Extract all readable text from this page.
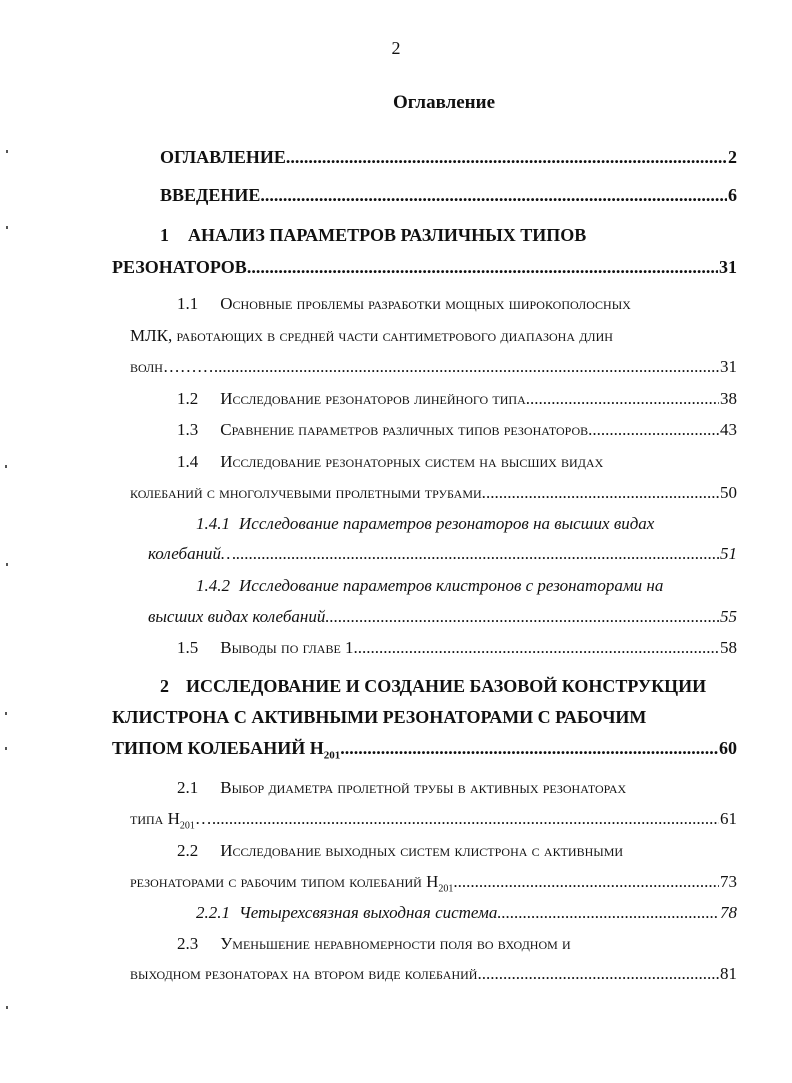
2
Оглавление
ОГЛАВЛЕНИЕ .....	2
ВВЕДЕНИЕ .....	6
1 АНАЛИЗ ПАРАМЕТРОВ РАЗЛИЧНЫХ ТИПОВ
РЕЗОНАТОРОВ .....	31
1.1 Основные проблемы разработки мощных широкополосных
МЛК, работающих в средней части сантиметрового диапазона длин
волн……… .....	31
1.2 Исследование резонаторов линейного типа. .....	38
1.3 Сравнение параметров различных типов резонаторов. .....	43
1.4 Исследование резонаторных систем на высших видах
колебаний с многолучевыми пролетными трубами. .....	50
1.4.1 Исследование параметров резонаторов на высших видах
колебаний… .....	51
1.4.2 Исследование параметров клистронов с резонаторами на
высших видах колебаний .....	55
1.5 Выводы по главе 1 .....	58
2 ИССЛЕДОВАНИЕ И СОЗДАНИЕ БАЗОВОЙ КОНСТРУКЦИИ
КЛИСТРОНА С АКТИВНЫМИ РЕЗОНАТОРАМИ С РАБОЧИМ
ТИПОМ КОЛЕБАНИЙ $H_{201}$ .....	60
2.1 Выбор диаметра пролетной трубы в активных резонаторах
типа $H_{201}\dots$ .....	61
2.2 Исследование выходных систем клистрона с активными
резонаторами с рабочим типом колебаний $H_{201}$ .....	73
2.2.1 Четырехсвязная выходная система .....	78
2.3 Уменьшение неравномерности поля во входном и
выходном резонаторах на втором виде колебаний. .....	81
